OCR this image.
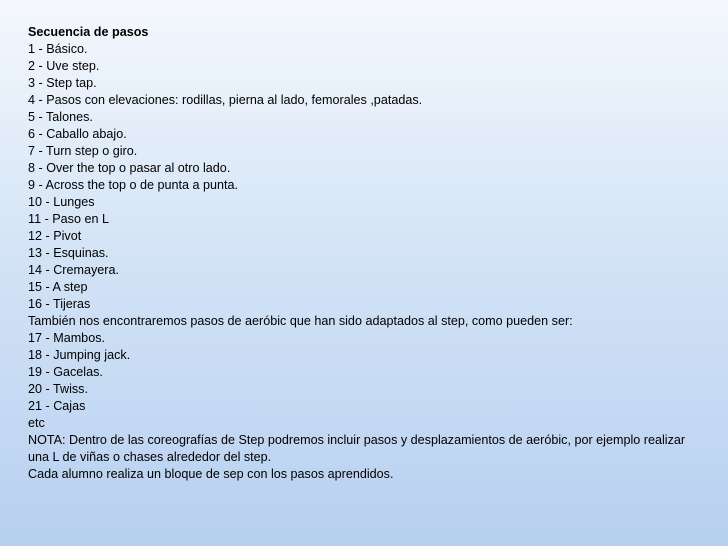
Secuencia de pasos

1 - Básico.

2 - Uve step.

3 - Step tap.

4 - Pasos con elevaciones: rodillas, pierna al lado, femorales ,patadas.

5 - Talones.

6 - Caballo abajo.

7 - Turn step o giro.

8 - Over the top o pasar al otro lado.

9 - Across the top o de punta a punta.

10 - Lunges

11 - Paso en L

12 - Pivot

13 - Esquinas.

14 - Cremayera.

15 - A step

16 - Tijeras

También nos encontraremos pasos de aeróbic que han sido adaptados al step, como pueden ser:

17 - Mambos.

18 - Jumping jack.

19 - Gacelas.

20 - Twiss.

21 - Cajas

etc

NOTA: Dentro de las coreografías de Step podremos incluir pasos y desplazamientos de aeróbic, por ejemplo realizar una L de viñas o chases alrededor del step.

Cada alumno realiza un bloque de sep con los pasos aprendidos.
